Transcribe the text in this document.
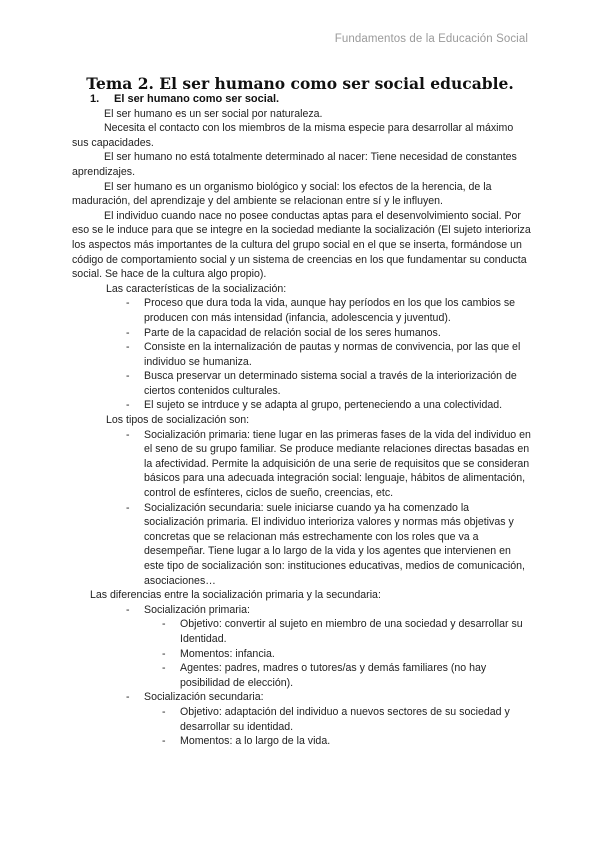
Fundamentos de la Educación Social
Tema 2. El ser humano como ser social educable.
1.	El ser humano como ser social.

El ser humano es un ser social por naturaleza.

Necesita el contacto con los miembros de la misma especie para desarrollar al máximo sus capacidades.

El ser humano no está totalmente determinado al nacer: Tiene necesidad de constantes aprendizajes.

El ser humano es un organismo biológico y social: los efectos de la herencia, de la maduración, del aprendizaje y del ambiente se relacionan entre sí y le influyen.

El individuo cuando nace no posee conductas aptas para el desenvolvimiento social. Por eso se le induce para que se integre en la sociedad mediante la socialización (El sujeto interioriza los aspectos más importantes de la cultura del grupo social en el que se inserta, formándose un código de comportamiento social y un sistema de creencias en los que fundamentar su conducta social. Se hace de la cultura algo propio).

Las características de la socialización:

- Proceso que dura toda la vida, aunque hay períodos en los que los cambios se producen con más intensidad (infancia, adolescencia y juventud).
- Parte de la capacidad de relación social de los seres humanos.
- Consiste en la internalización de pautas y normas de convivencia, por las que el individuo se humaniza.
- Busca preservar un determinado sistema social a través de la interiorización de ciertos contenidos culturales.
- El sujeto se intrduce y se adapta al grupo, perteneciendo a una colectividad.

Los tipos de socialización son:

- Socialización primaria: tiene lugar en las primeras fases de la vida del individuo en el seno de su grupo familiar. Se produce mediante relaciones directas basadas en la afectividad. Permite la adquisición de una serie de requisitos que se consideran básicos para una adecuada integración social: lenguaje, hábitos de alimentación, control de esfínteres, ciclos de sueño, creencias, etc.
- Socialización secundaria: suele iniciarse cuando ya ha comenzado la socialización primaria. El individuo interioriza valores y normas más objetivas y concretas que se relacionan más estrechamente con los roles que va a desempeñar. Tiene lugar a lo largo de la vida y los agentes que intervienen en este tipo de socialización son: instituciones educativas, medios de comunicación, asociaciones…

Las diferencias entre la socialización primaria y la secundaria:

- Socialización primaria:
- Objetivo: convertir al sujeto en miembro de una sociedad y desarrollar su Identidad.
- Momentos: infancia.
- Agentes: padres, madres o tutores/as y demás familiares (no hay posibilidad de elección).
- Socialización secundaria:
- Objetivo: adaptación del individuo a nuevos sectores de su sociedad y desarrollar su identidad.
- Momentos: a lo largo de la vida.
